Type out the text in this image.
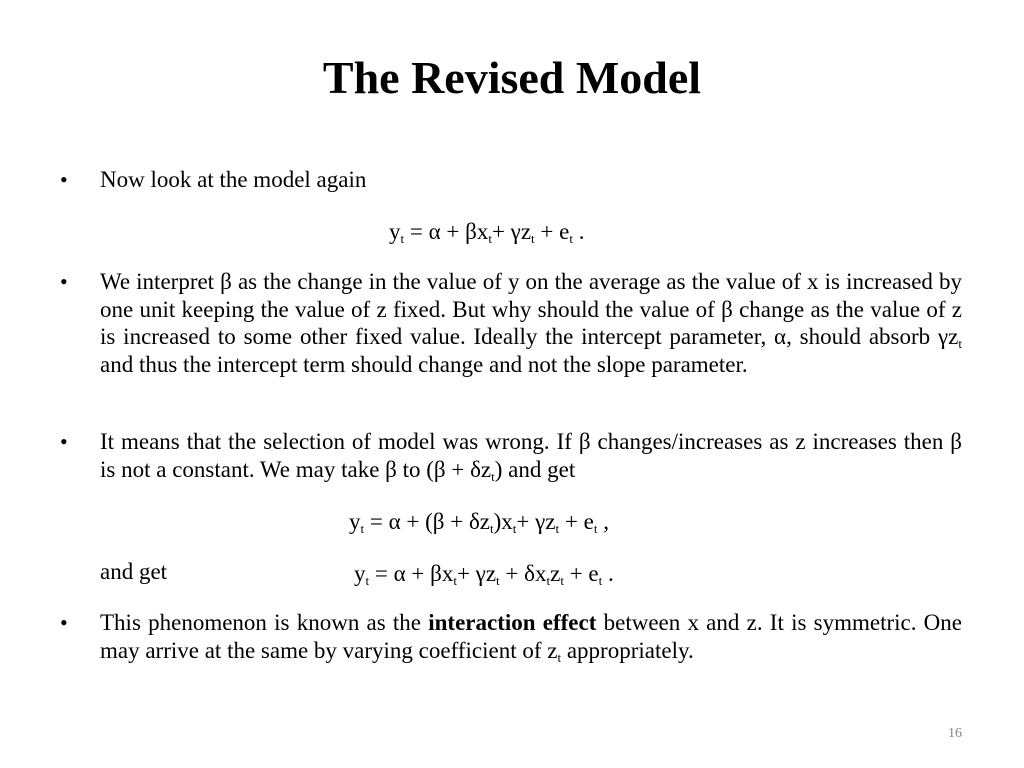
The Revised Model
• Now look at the model again
$y_t = \alpha + \beta x_t+ \gamma z_t + e_t$ .
• We interpret β as the change in the value of y on the average as the value of x is increased by one unit keeping the value of z fixed. But why should the value of β change as the value of z is increased to some other fixed value. Ideally the intercept parameter, α, should absorb $\gamma z_t$ and thus the intercept term should change and not the slope parameter.
• It means that the selection of model was wrong. If β changes/increases as z increases then β is not a constant. We may take β to $(\beta + \delta z_t)$ and get
$y_t = \alpha + (\beta + \delta z_t)x_t+ \gamma z_t + e_t$ ,
and get	$y_t = \alpha + \beta x_t+ \gamma z_t + \delta x_tz_t + e_t$ .
• This phenomenon is known as the interaction effect between x and z. It is symmetric. One may arrive at the same by varying coefficient of $z_t$ appropriately.
16
